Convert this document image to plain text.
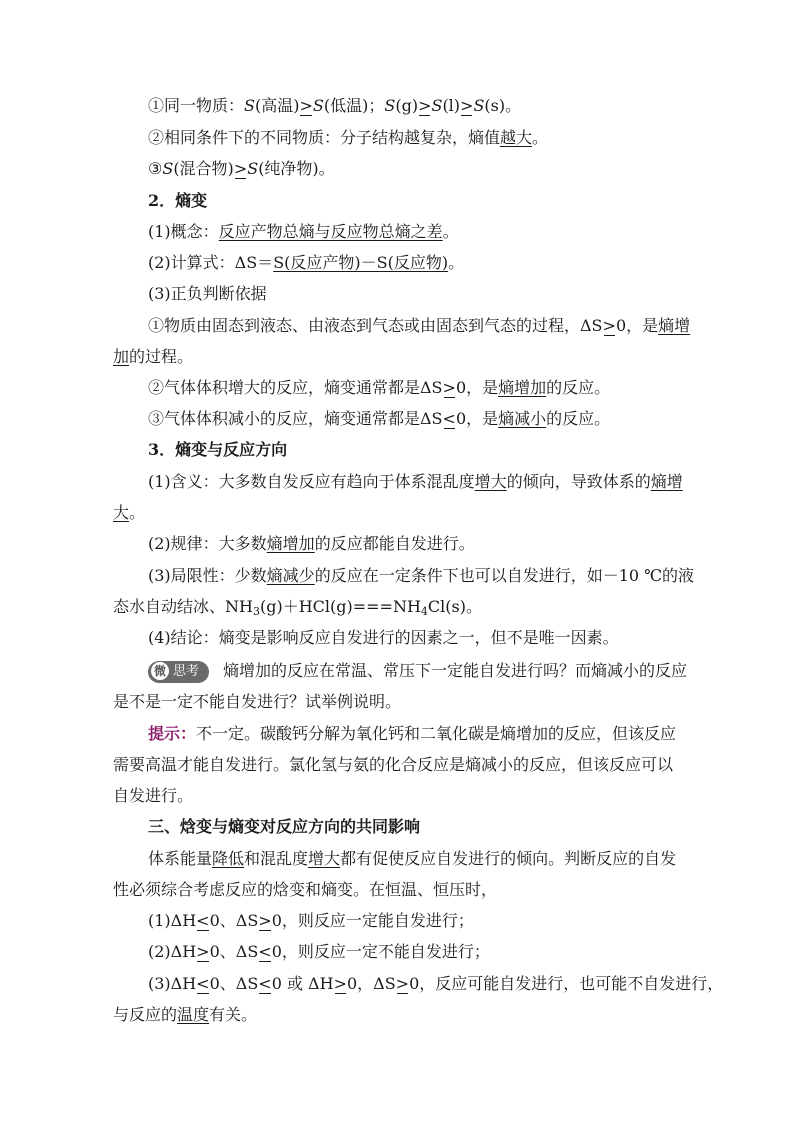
①同一物质：S(高温)>S(低温)；S(g)>S(l)>S(s)。
②相同条件下的不同物质：分子结构越复杂，熵值越大。
③S(混合物)>S(纯净物)。
2．熵变
(1)概念：反应产物总熵与反应物总熵之差。
(2)计算式：ΔS＝S(反应产物)－S(反应物)。
(3)正负判断依据
①物质由固态到液态、由液态到气态或由固态到气态的过程，ΔS>0，是熵增
加的过程。
②气体体积增大的反应，熵变通常都是ΔS>0，是熵增加的反应。
③气体体积减小的反应，熵变通常都是ΔS<0，是熵减小的反应。
3．熵变与反应方向
(1)含义：大多数自发反应有趋向于体系混乱度增大的倾向，导致体系的熵增
大。
(2)规律：大多数熵增加的反应都能自发进行。
(3)局限性：少数熵减少的反应在一定条件下也可以自发进行，如－10 ℃的液
态水自动结冰、$NH_3(g)+HCl(g)===NH_4Cl(s)$。
(4)结论：熵变是影响反应自发进行的因素之一，但不是唯一因素。
微 思考 熵增加的反应在常温、常压下一定能自发进行吗？而熵减小的反应
是不是一定不能自发进行？试举例说明。
提示：不一定。碳酸钙分解为氧化钙和二氧化碳是熵增加的反应，但该反应
需要高温才能自发进行。氯化氢与氨的化合反应是熵减小的反应，但该反应可以
自发进行。
三、焓变与熵变对反应方向的共同影响
体系能量降低和混乱度增大都有促使反应自发进行的倾向。判断反应的自发
性必须综合考虑反应的焓变和熵变。在恒温、恒压时，
(1)ΔH<0、ΔS>0，则反应一定能自发进行；
(2)ΔH>0、ΔS<0，则反应一定不能自发进行；
(3)ΔH<0、ΔS<0 或 ΔH>0，ΔS>0，反应可能自发进行，也可能不自发进行，
与反应的温度有关。
